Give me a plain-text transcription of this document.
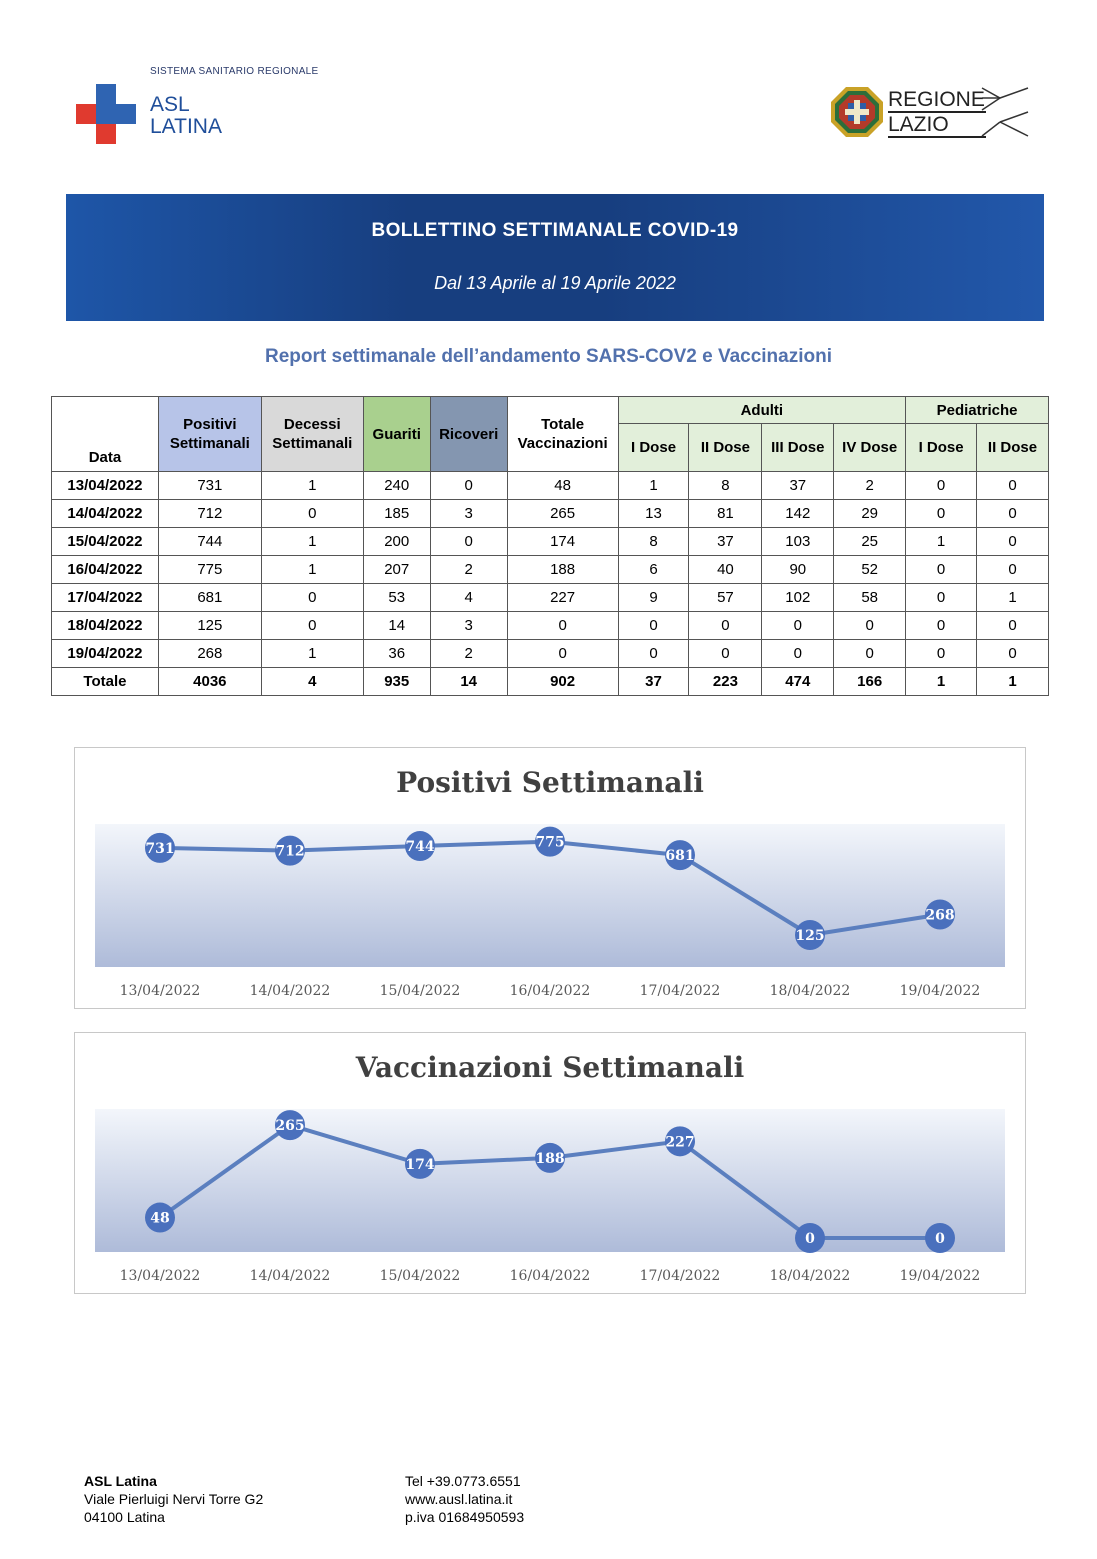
SISTEMA SANITARIO REGIONALE
ASL
LATINA
REGIONE
LAZIO
BOLLETTINO SETTIMANALE COVID-19
Dal 13 Aprile al 19 Aprile 2022
Report settimanale dell’andamento SARS-COV2 e Vaccinazioni
Data	Positivi Settimanali	Decessi Settimanali	Guariti	Ricoveri	Totale Vaccinazioni	Adulti				Pediatriche	
						I Dose	II Dose	III Dose	IV Dose	I Dose	II Dose
13/04/2022	731	1	240	0	48	1	8	37	2	0	0
14/04/2022	712	0	185	3	265	13	81	142	29	0	0
15/04/2022	744	1	200	0	174	8	37	103	25	1	0
16/04/2022	775	1	207	2	188	6	40	90	52	0	0
17/04/2022	681	0	53	4	227	9	57	102	58	0	1
18/04/2022	125	0	14	3	0	0	0	0	0	0	0
19/04/2022	268	1	36	2	0	0	0	0	0	0	0
Totale	4036	4	935	14	902	37	223	474	166	1	1
Positivi Settimanali
731	712	744	775
681
125
268
13/04/2022	14/04/2022	15/04/2022	16/04/2022	17/04/2022	18/04/2022	19/04/2022
Vaccinazioni Settimanali
48
265
174	188
227
0	0
13/04/2022	14/04/2022	15/04/2022	16/04/2022	17/04/2022	18/04/2022	19/04/2022
ASL Latina
Viale Pierluigi Nervi Torre G2
04100 Latina
Tel +39.0773.6551
www.ausl.latina.it
p.iva 01684950593
